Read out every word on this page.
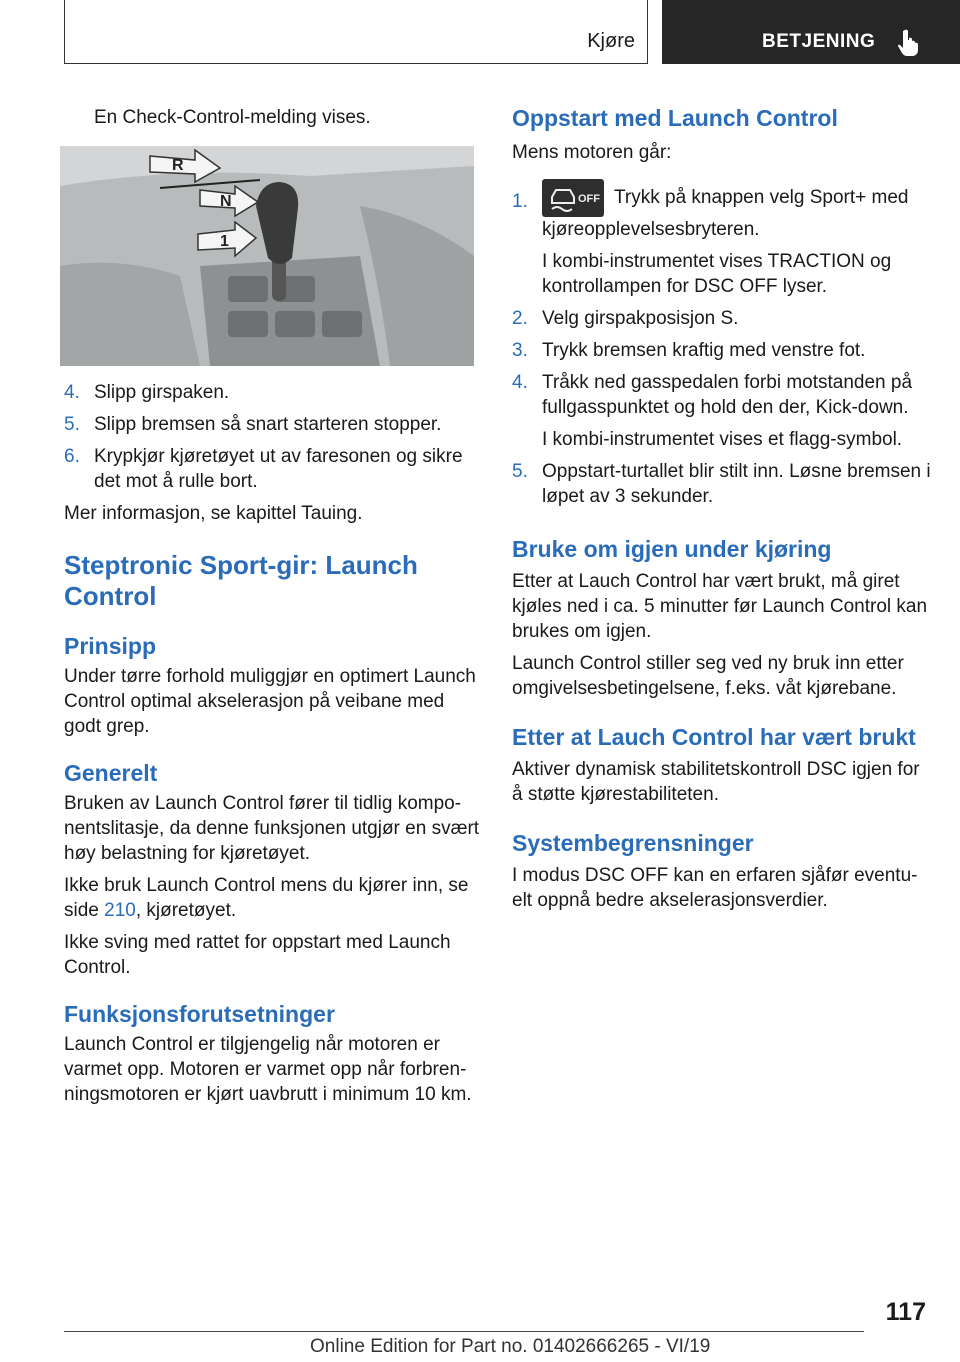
Kjøre	BETJENING

En Check-Control-melding vises.

R
N
1
4. Slipp girspaken.
5. Slipp bremsen så snart starteren stopper.
6. Krypkjør kjøretøyet ut av faresonen og sikre det mot å rulle bort.

Mer informasjon, se kapittel Tauing.

Steptronic Sport-gir: Launch Control
Prinsipp

Under tørre forhold muliggjør en optimert Launch Control optimal akselerasjon på veibane med godt grep.

Generelt

Bruken av Launch Control fører til tidlig kompo-nentslitasje, da denne funksjonen utgjør en svært høy belastning for kjøretøyet.

Ikke bruk Launch Control mens du kjører inn, se side 210, kjøretøyet.

Ikke sving med rattet for oppstart med Launch Control.

Funksjonsforutsetninger

Launch Control er tilgjengelig når motoren er varmet opp. Motoren er varmet opp når forbren-ningsmotoren er kjørt uavbrutt i minimum 10 km.

Oppstart med Launch Control

Mens motoren går:

1.	OFF Trykk på knappen velg Sport+ med kjøreopplevelsesbryteren.
I kombi-instrumentet vises TRACTION og kontrollampen for DSC OFF lyser.
2. Velg girspakposisjon S.
3. Trykk bremsen kraftig med venstre fot.
4. Tråkk ned gasspedalen forbi motstanden på fullgasspunktet og hold den der, Kick-down.
I kombi-instrumentet vises et flagg-symbol.
5. Oppstart-turtallet blir stilt inn. Løsne bremsen i løpet av 3 sekunder.
Bruke om igjen under kjøring

Etter at Lauch Control har vært brukt, må giret kjøles ned i ca. 5 minutter før Launch Control kan brukes om igjen.

Launch Control stiller seg ved ny bruk inn etter omgivelsesbetingelsene, f.eks. våt kjørebane.

Etter at Lauch Control har vært brukt

Aktiver dynamisk stabilitetskontroll DSC igjen for å støtte kjørestabiliteten.

Systembegrensninger

I modus DSC OFF kan en erfaren sjåfør eventu-elt oppnå bedre akselerasjonsverdier.

117
Online Edition for Part no. 01402666265 - VI/19
